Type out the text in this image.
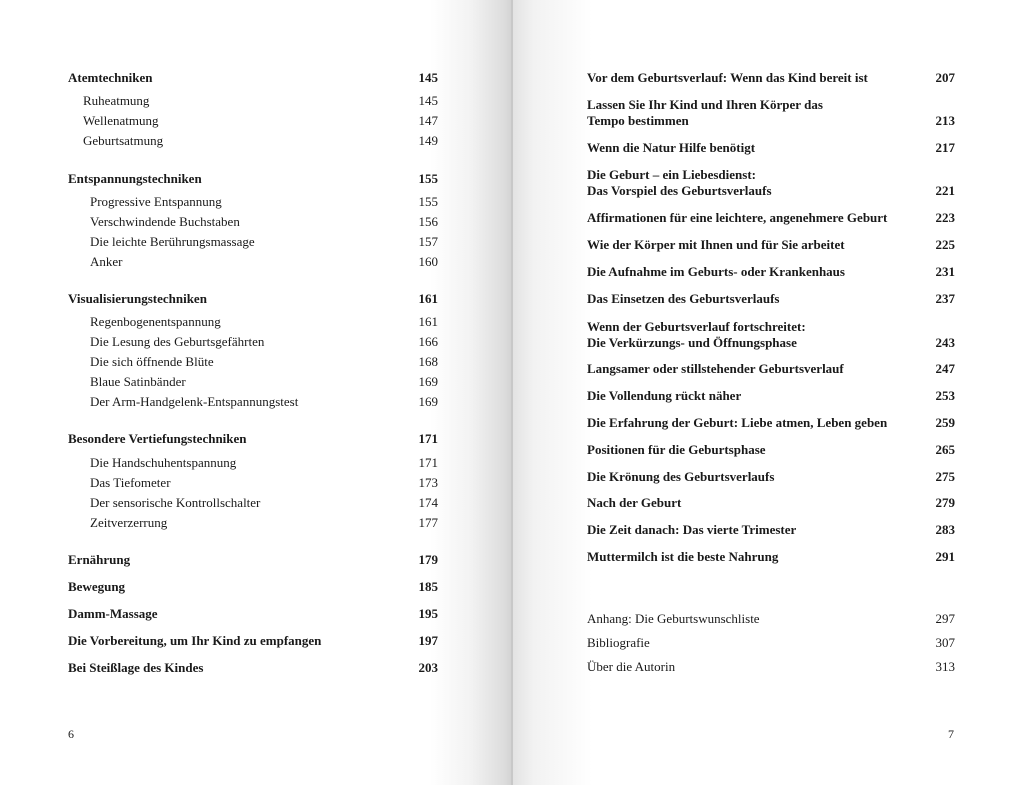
Atemtechniken	145
Ruheatmung	145
Wellenatmung	147
Geburtsatmung	149
Entspannungstechniken	155
Progressive Entspannung	155
Verschwindende Buchstaben	156
Die leichte Berührungsmassage	157
Anker	160
Visualisierungstechniken	161
Regenbogenentspannung	161
Die Lesung des Geburtsgefährten	166
Die sich öffnende Blüte	168
Blaue Satinbänder	169
Der Arm-Handgelenk-Entspannungstest	169
Besondere Vertiefungstechniken	171
Die Handschuhentspannung	171
Das Tiefometer	173
Der sensorische Kontrollschalter	174
Zeitverzerrung	177
Ernährung	179
Bewegung	185
Damm-Massage	195
Die Vorbereitung, um Ihr Kind zu empfangen	197
Bei Steißlage des Kindes	203
Vor dem Geburtsverlauf: Wenn das Kind bereit ist	207
Lassen Sie Ihr Kind und Ihren Körper das
Tempo bestimmen	213
Wenn die Natur Hilfe benötigt	217
Die Geburt – ein Liebesdienst:
Das Vorspiel des Geburtsverlaufs	221
Affirmationen für eine leichtere, angenehmere Geburt	223
Wie der Körper mit Ihnen und für Sie arbeitet	225
Die Aufnahme im Geburts- oder Krankenhaus	231
Das Einsetzen des Geburtsverlaufs	237
Wenn der Geburtsverlauf fortschreitet:
Die Verkürzungs- und Öffnungsphase	243
Langsamer oder stillstehender Geburtsverlauf	247
Die Vollendung rückt näher	253
Die Erfahrung der Geburt: Liebe atmen, Leben geben	259
Positionen für die Geburtsphase	265
Die Krönung des Geburtsverlaufs	275
Nach der Geburt	279
Die Zeit danach: Das vierte Trimester	283
Muttermilch ist die beste Nahrung	291
Anhang: Die Geburtswunschliste	297
Bibliografie	307
Über die Autorin	313
6	7
